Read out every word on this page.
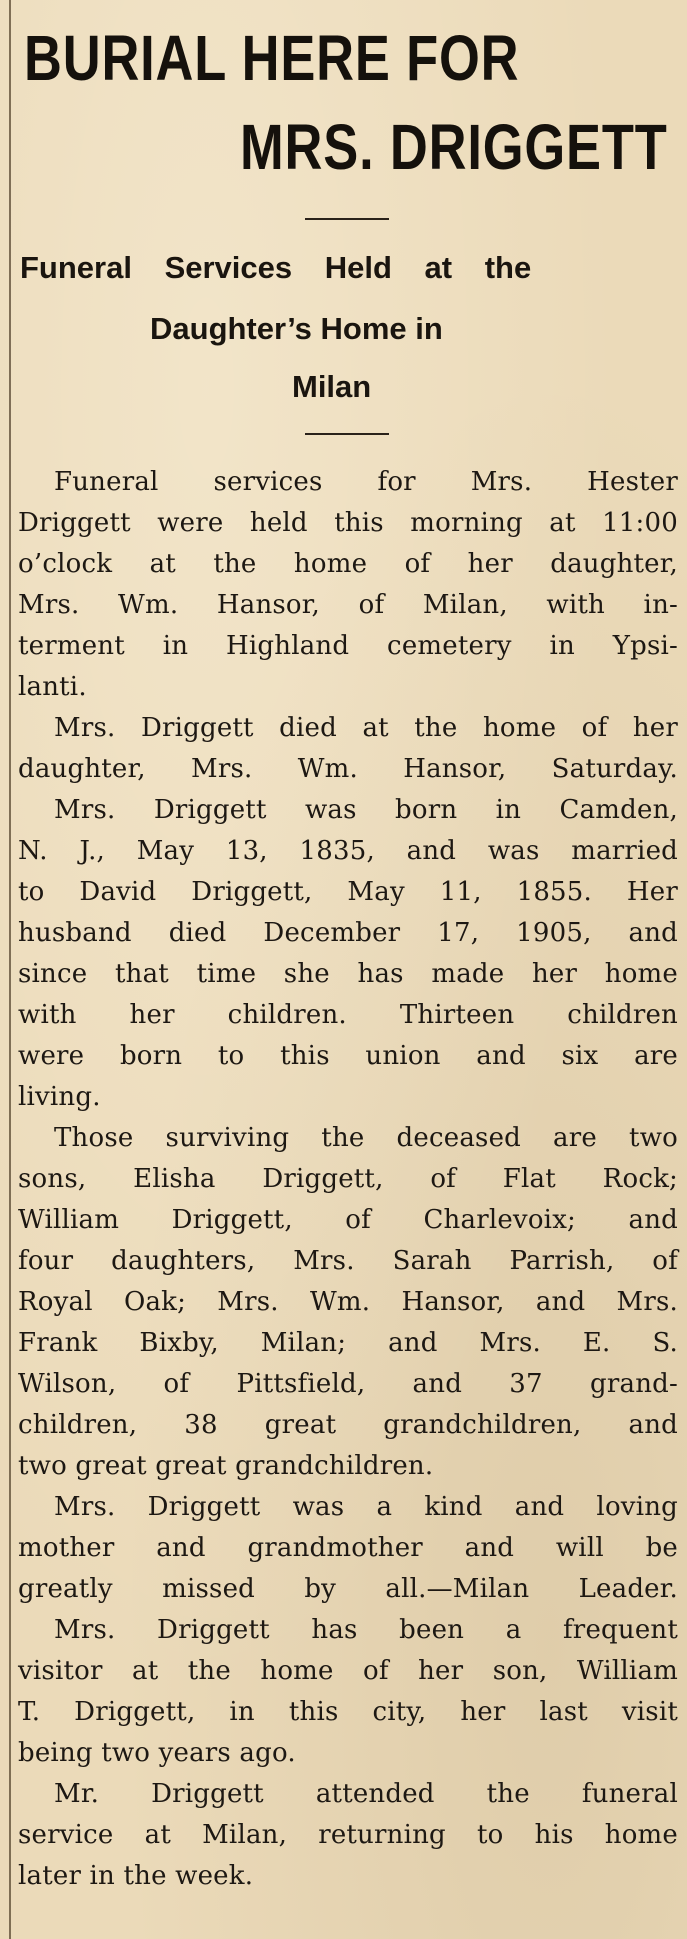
BURIAL HERE FOR
MRS. DRIGGETT
Funeral Services Held at the
Daughter’s Home in
Milan
Funeral services for Mrs. Hester
Driggett were held this morning at 11:00
o’clock at the home of her daughter,
Mrs. Wm. Hansor, of Milan, with in-
terment in Highland cemetery in Ypsi-
lanti.
Mrs. Driggett died at the home of her
daughter, Mrs. Wm. Hansor, Saturday.
Mrs. Driggett was born in Camden,
N. J., May 13, 1835, and was married
to David Driggett, May 11, 1855. Her
husband died December 17, 1905, and
since that time she has made her home
with her children. Thirteen children
were born to this union and six are
living.
Those surviving the deceased are two
sons, Elisha Driggett, of Flat Rock;
William Driggett, of Charlevoix; and
four daughters, Mrs. Sarah Parrish, of
Royal Oak; Mrs. Wm. Hansor, and Mrs.
Frank Bixby, Milan; and Mrs. E. S.
Wilson, of Pittsfield, and 37 grand-
children, 38 great grandchildren, and
two great great grandchildren.
Mrs. Driggett was a kind and loving
mother and grandmother and will be
greatly missed by all.—Milan Leader.
Mrs. Driggett has been a frequent
visitor at the home of her son, William
T. Driggett, in this city, her last visit
being two years ago.
Mr. Driggett attended the funeral
service at Milan, returning to his home
later in the week.
